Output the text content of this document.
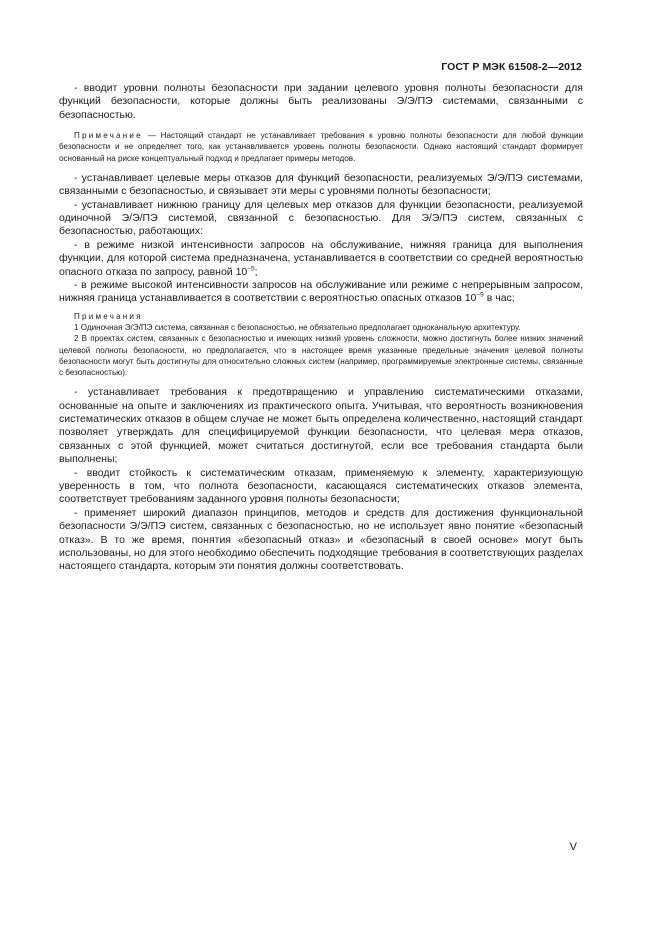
ГОСТ Р МЭК 61508-2—2012

- вводит уровни полноты безопасности при задании целевого уровня полноты безопасности для функций безопасности, которые должны быть реализованы Э/Э/ПЭ системами, связанными с безопасностью.

Примечание — Настоящий стандарт не устанавливает требования к уровню полноты безопасности для любой функции безопасности и не определяет того, как устанавливается уровень полноты безопасности. Однако настоящий стандарт формирует основанный на риске концептуальный подход и предлагает примеры методов.

- устанавливает целевые меры отказов для функций безопасности, реализуемых Э/Э/ПЭ системами, связанными с безопасностью, и связывает эти меры с уровнями полноты безопасности;

- устанавливает нижнюю границу для целевых мер отказов для функции безопасности, реализуемой одиночной Э/Э/ПЭ системой, связанной с безопасностью. Для Э/Э/ПЭ систем, связанных с безопасностью, работающих:

- в режиме низкой интенсивности запросов на обслуживание, нижняя граница для выполнения функции, для которой система предназначена, устанавливается в соответствии со средней вероятностью опасного отказа по запросу, равной $10^{-5}$;

- в режиме высокой интенсивности запросов на обслуживание или режиме с непрерывным запросом, нижняя граница устанавливается в соответствии с вероятностью опасных отказов $10^{-9}$ в час;

Примечания

1 Одиночная Э/Э/ПЭ система, связанная с безопасностью, не обязательно предполагает одноканальную архитектуру.

2 В проектах систем, связанных с безопасностью и имеющих низкий уровень сложности, можно достигнуть более низких значений целевой полноты безопасности, но предполагается, что в настоящее время указанные предельные значения целевой полноты безопасности могут быть достигнуты для относительно сложных систем (например, программируемые электронные системы, связанные с безопасностью).

- устанавливает требования к предотвращению и управлению систематическими отказами, основанные на опыте и заключениях из практического опыта. Учитывая, что вероятность возникновения систематических отказов в общем случае не может быть определена количественно, настоящий стандарт позволяет утверждать для специфицируемой функции безопасности, что целевая мера отказов, связанных с этой функцией, может считаться достигнутой, если все требования стандарта были выполнены;

- вводит стойкость к систематическим отказам, применяемую к элементу, характеризующую уверенность в том, что полнота безопасности, касающаяся систематических отказов элемента, соответствует требованиям заданного уровня полноты безопасности;

- применяет широкий диапазон принципов, методов и средств для достижения функциональной безопасности Э/Э/ПЭ систем, связанных с безопасностью, но не использует явно понятие «безопасный отказ». В то же время, понятия «безопасный отказ» и «безопасный в своей основе» могут быть использованы, но для этого необходимо обеспечить подходящие требования в соответствующих разделах настоящего стандарта, которым эти понятия должны соответствовать.

V
